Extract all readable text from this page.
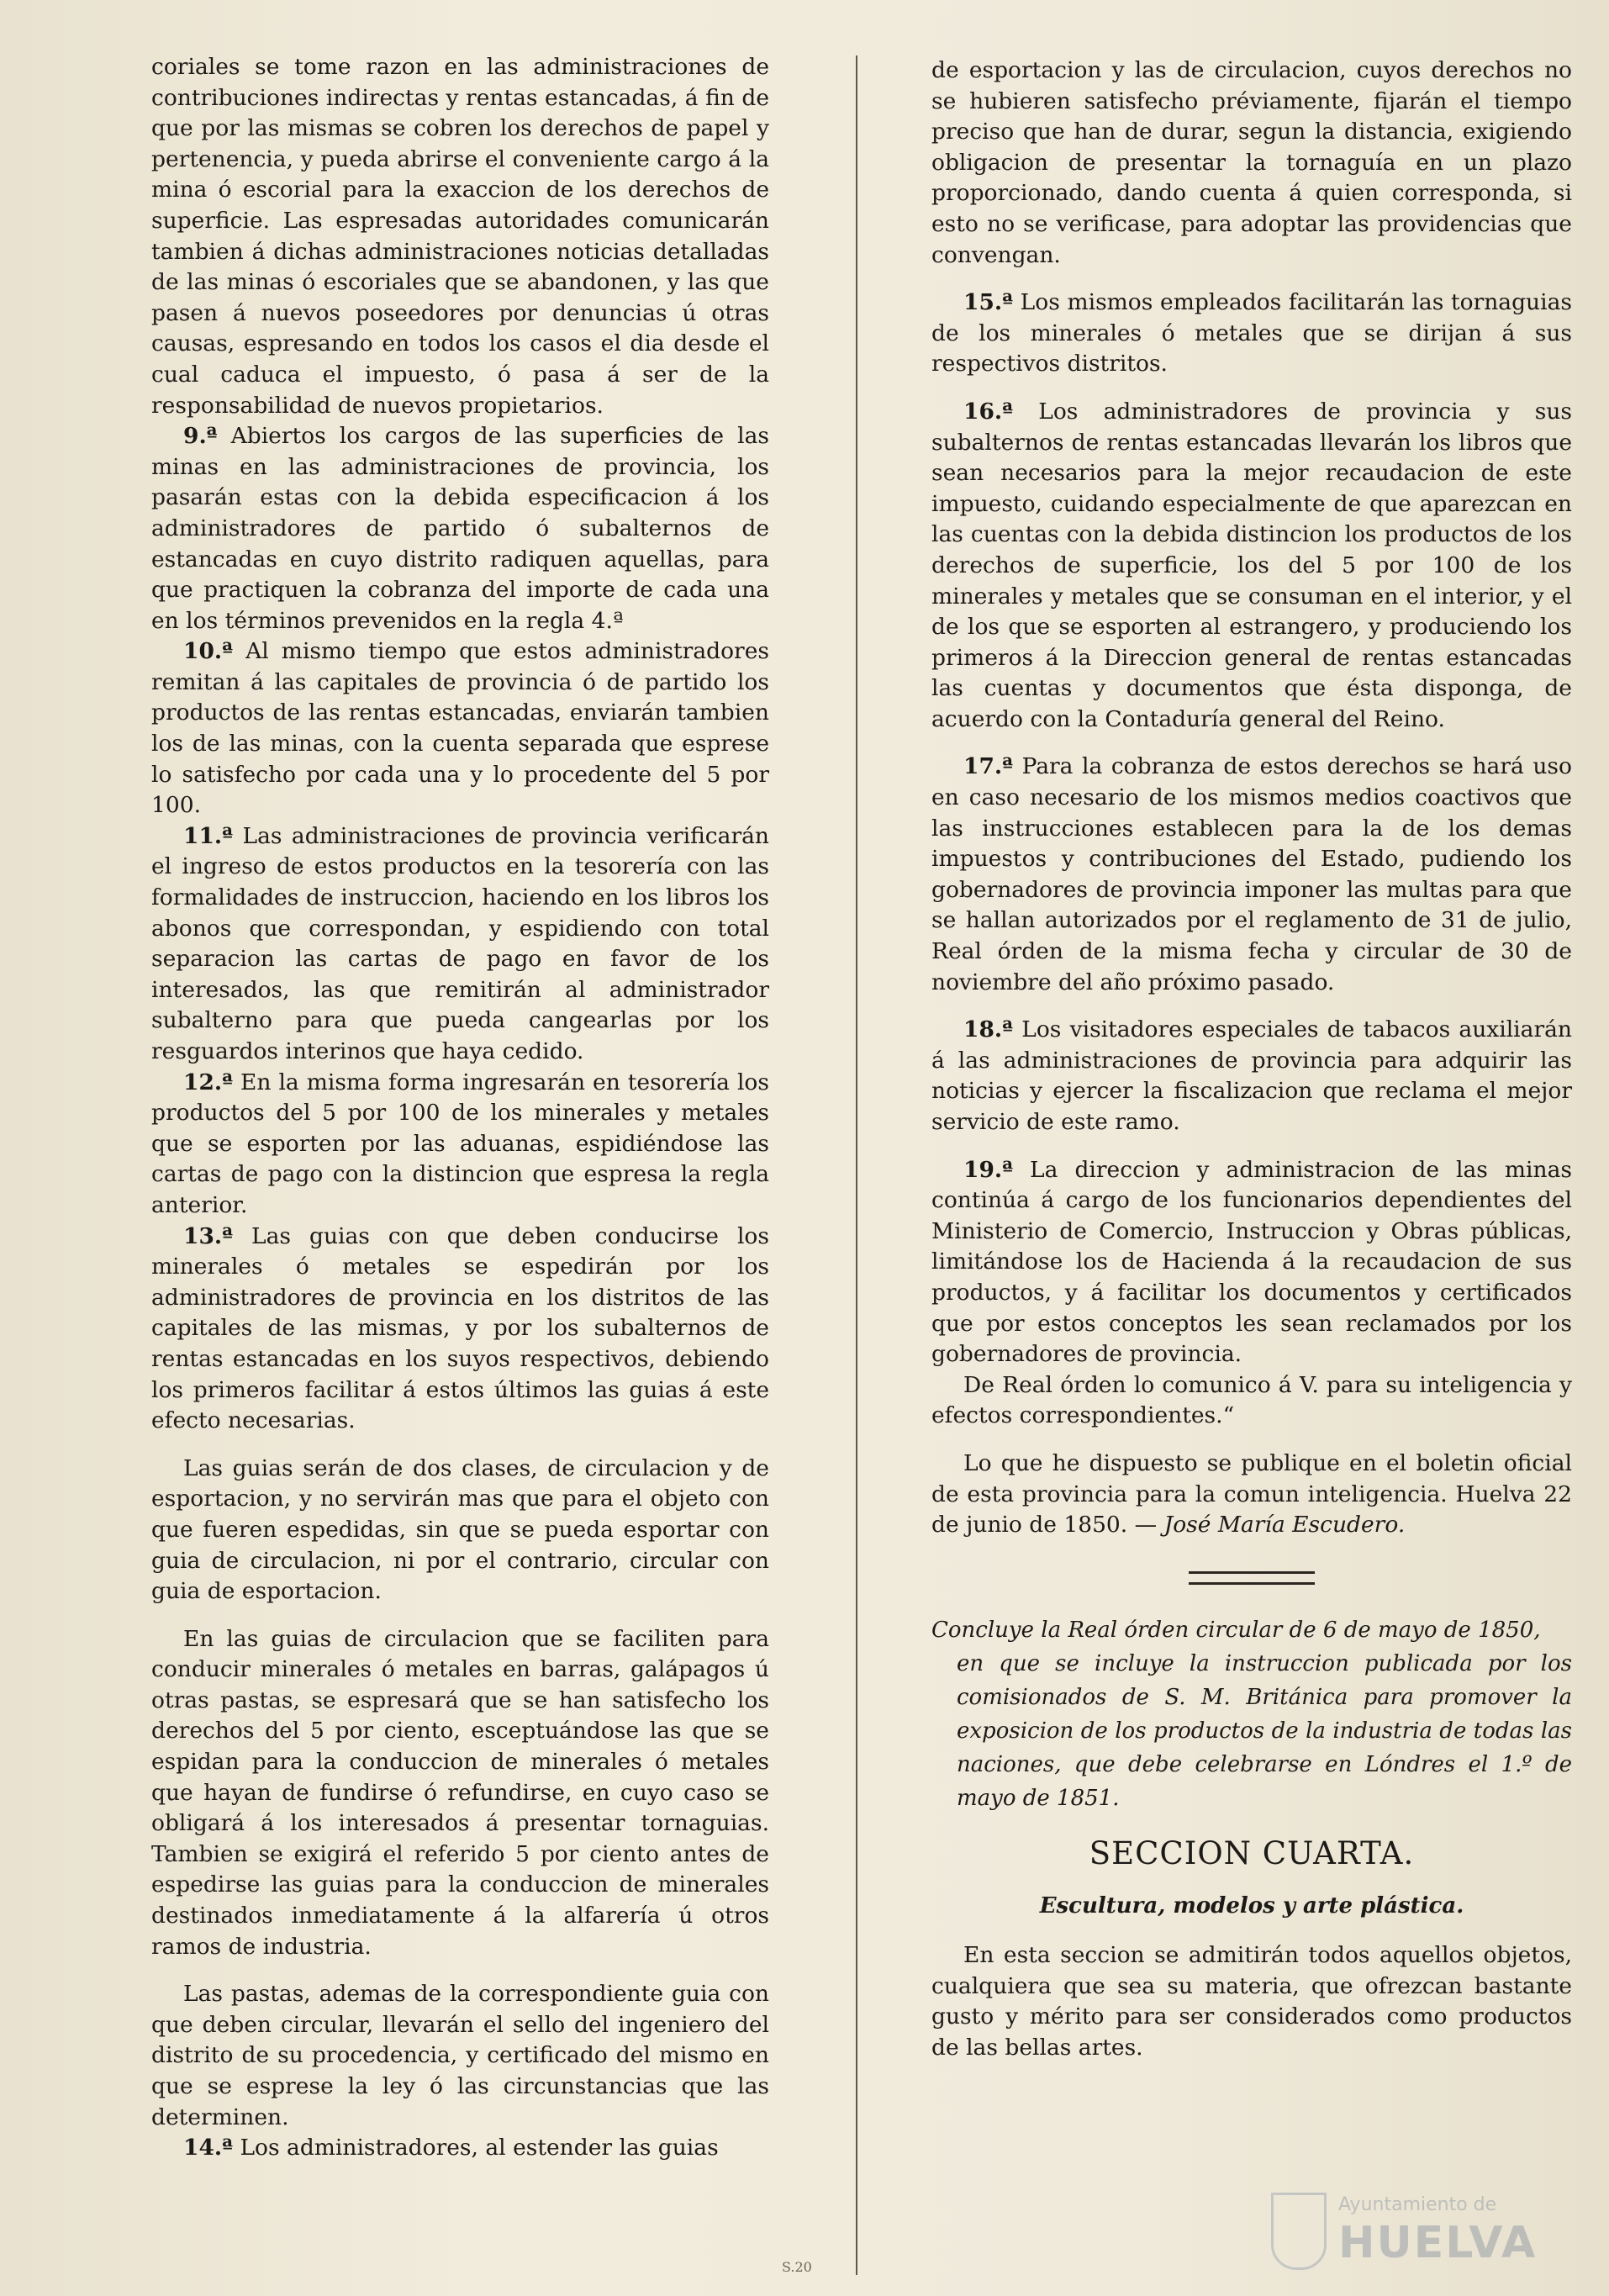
coriales se tome razon en las administraciones de contribuciones indirectas y rentas estancadas, á fin de que por las mismas se cobren los derechos de papel y pertenencia, y pueda abrirse el conveniente cargo á la mina ó escorial para la exaccion de los derechos de superficie. Las espresadas autoridades comunicarán tambien á dichas administraciones noticias detalladas de las minas ó escoriales que se abandonen, y las que pasen á nuevos poseedores por denuncias ú otras causas, espresando en todos los casos el dia desde el cual caduca el impuesto, ó pasa á ser de la responsabilidad de nuevos propietarios.

9.ª Abiertos los cargos de las superficies de las minas en las administraciones de provincia, los pasarán estas con la debida especificacion á los administradores de partido ó subalternos de estancadas en cuyo distrito radiquen aquellas, para que practiquen la cobranza del importe de cada una en los términos prevenidos en la regla 4.ª

10.ª Al mismo tiempo que estos administradores remitan á las capitales de provincia ó de partido los productos de las rentas estancadas, enviarán tambien los de las minas, con la cuenta separada que esprese lo satisfecho por cada una y lo procedente del 5 por 100.

11.ª Las administraciones de provincia verificarán el ingreso de estos productos en la tesorería con las formalidades de instruccion, haciendo en los libros los abonos que correspondan, y espidiendo con total separacion las cartas de pago en favor de los interesados, las que remitirán al administrador subalterno para que pueda cangearlas por los resguardos interinos que haya cedido.

12.ª En la misma forma ingresarán en tesorería los productos del 5 por 100 de los minerales y metales que se esporten por las aduanas, espidiéndose las cartas de pago con la distincion que espresa la regla anterior.

13.ª Las guias con que deben conducirse los minerales ó metales se espedirán por los administradores de provincia en los distritos de las capitales de las mismas, y por los subalternos de rentas estancadas en los suyos respectivos, debiendo los primeros facilitar á estos últimos las guias á este efecto necesarias.

Las guias serán de dos clases, de circulacion y de esportacion, y no servirán mas que para el objeto con que fueren espedidas, sin que se pueda esportar con guia de circulacion, ni por el contrario, circular con guia de esportacion.

En las guias de circulacion que se faciliten para conducir minerales ó metales en barras, galápagos ú otras pastas, se espresará que se han satisfecho los derechos del 5 por ciento, esceptuándose las que se espidan para la conduccion de minerales ó metales que hayan de fundirse ó refundirse, en cuyo caso se obligará á los interesados á presentar tornaguias. Tambien se exigirá el referido 5 por ciento antes de espedirse las guias para la conduccion de minerales destinados inmediatamente á la alfarería ú otros ramos de industria.

Las pastas, ademas de la correspondiente guia con que deben circular, llevarán el sello del ingeniero del distrito de su procedencia, y certificado del mismo en que se esprese la ley ó las circunstancias que las determinen.

14.ª Los administradores, al estender las guias

de esportacion y las de circulacion, cuyos derechos no se hubieren satisfecho préviamente, fijarán el tiempo preciso que han de durar, segun la distancia, exigiendo obligacion de presentar la tornaguía en un plazo proporcionado, dando cuenta á quien corresponda, si esto no se verificase, para adoptar las providencias que convengan.

15.ª Los mismos empleados facilitarán las tornaguias de los minerales ó metales que se dirijan á sus respectivos distritos.

16.ª Los administradores de provincia y sus subalternos de rentas estancadas llevarán los libros que sean necesarios para la mejor recaudacion de este impuesto, cuidando especialmente de que aparezcan en las cuentas con la debida distincion los productos de los derechos de superficie, los del 5 por 100 de los minerales y metales que se consuman en el interior, y el de los que se esporten al estrangero, y produciendo los primeros á la Direccion general de rentas estancadas las cuentas y documentos que ésta disponga, de acuerdo con la Contaduría general del Reino.

17.ª Para la cobranza de estos derechos se hará uso en caso necesario de los mismos medios coactivos que las instrucciones establecen para la de los demas impuestos y contribuciones del Estado, pudiendo los gobernadores de provincia imponer las multas para que se hallan autorizados por el reglamento de 31 de julio, Real órden de la misma fecha y circular de 30 de noviembre del año próximo pasado.

18.ª Los visitadores especiales de tabacos auxiliarán á las administraciones de provincia para adquirir las noticias y ejercer la fiscalizacion que reclama el mejor servicio de este ramo.

19.ª La direccion y administracion de las minas continúa á cargo de los funcionarios dependientes del Ministerio de Comercio, Instruccion y Obras públicas, limitándose los de Hacienda á la recaudacion de sus productos, y á facilitar los documentos y certificados que por estos conceptos les sean reclamados por los gobernadores de provincia.

De Real órden lo comunico á V. para su inteligencia y efectos correspondientes.“

Lo que he dispuesto se publique en el boletin oficial de esta provincia para la comun inteligencia. Huelva 22 de junio de 1850. — José María Escudero.

Concluye la Real órden circular de 6 de mayo de 1850,
en que se incluye la instruccion publicada por los comisionados de S. M. Británica para promover la exposicion de los productos de la industria de todas las naciones, que debe celebrarse en Lóndres el 1.º de mayo de 1851.
SECCION CUARTA.
Escultura, modelos y arte plástica.

En esta seccion se admitirán todos aquellos objetos, cualquiera que sea su materia, que ofrezcan bastante gusto y mérito para ser considerados como productos de las bellas artes.

S.20
Ayuntamiento de
HUELVA
